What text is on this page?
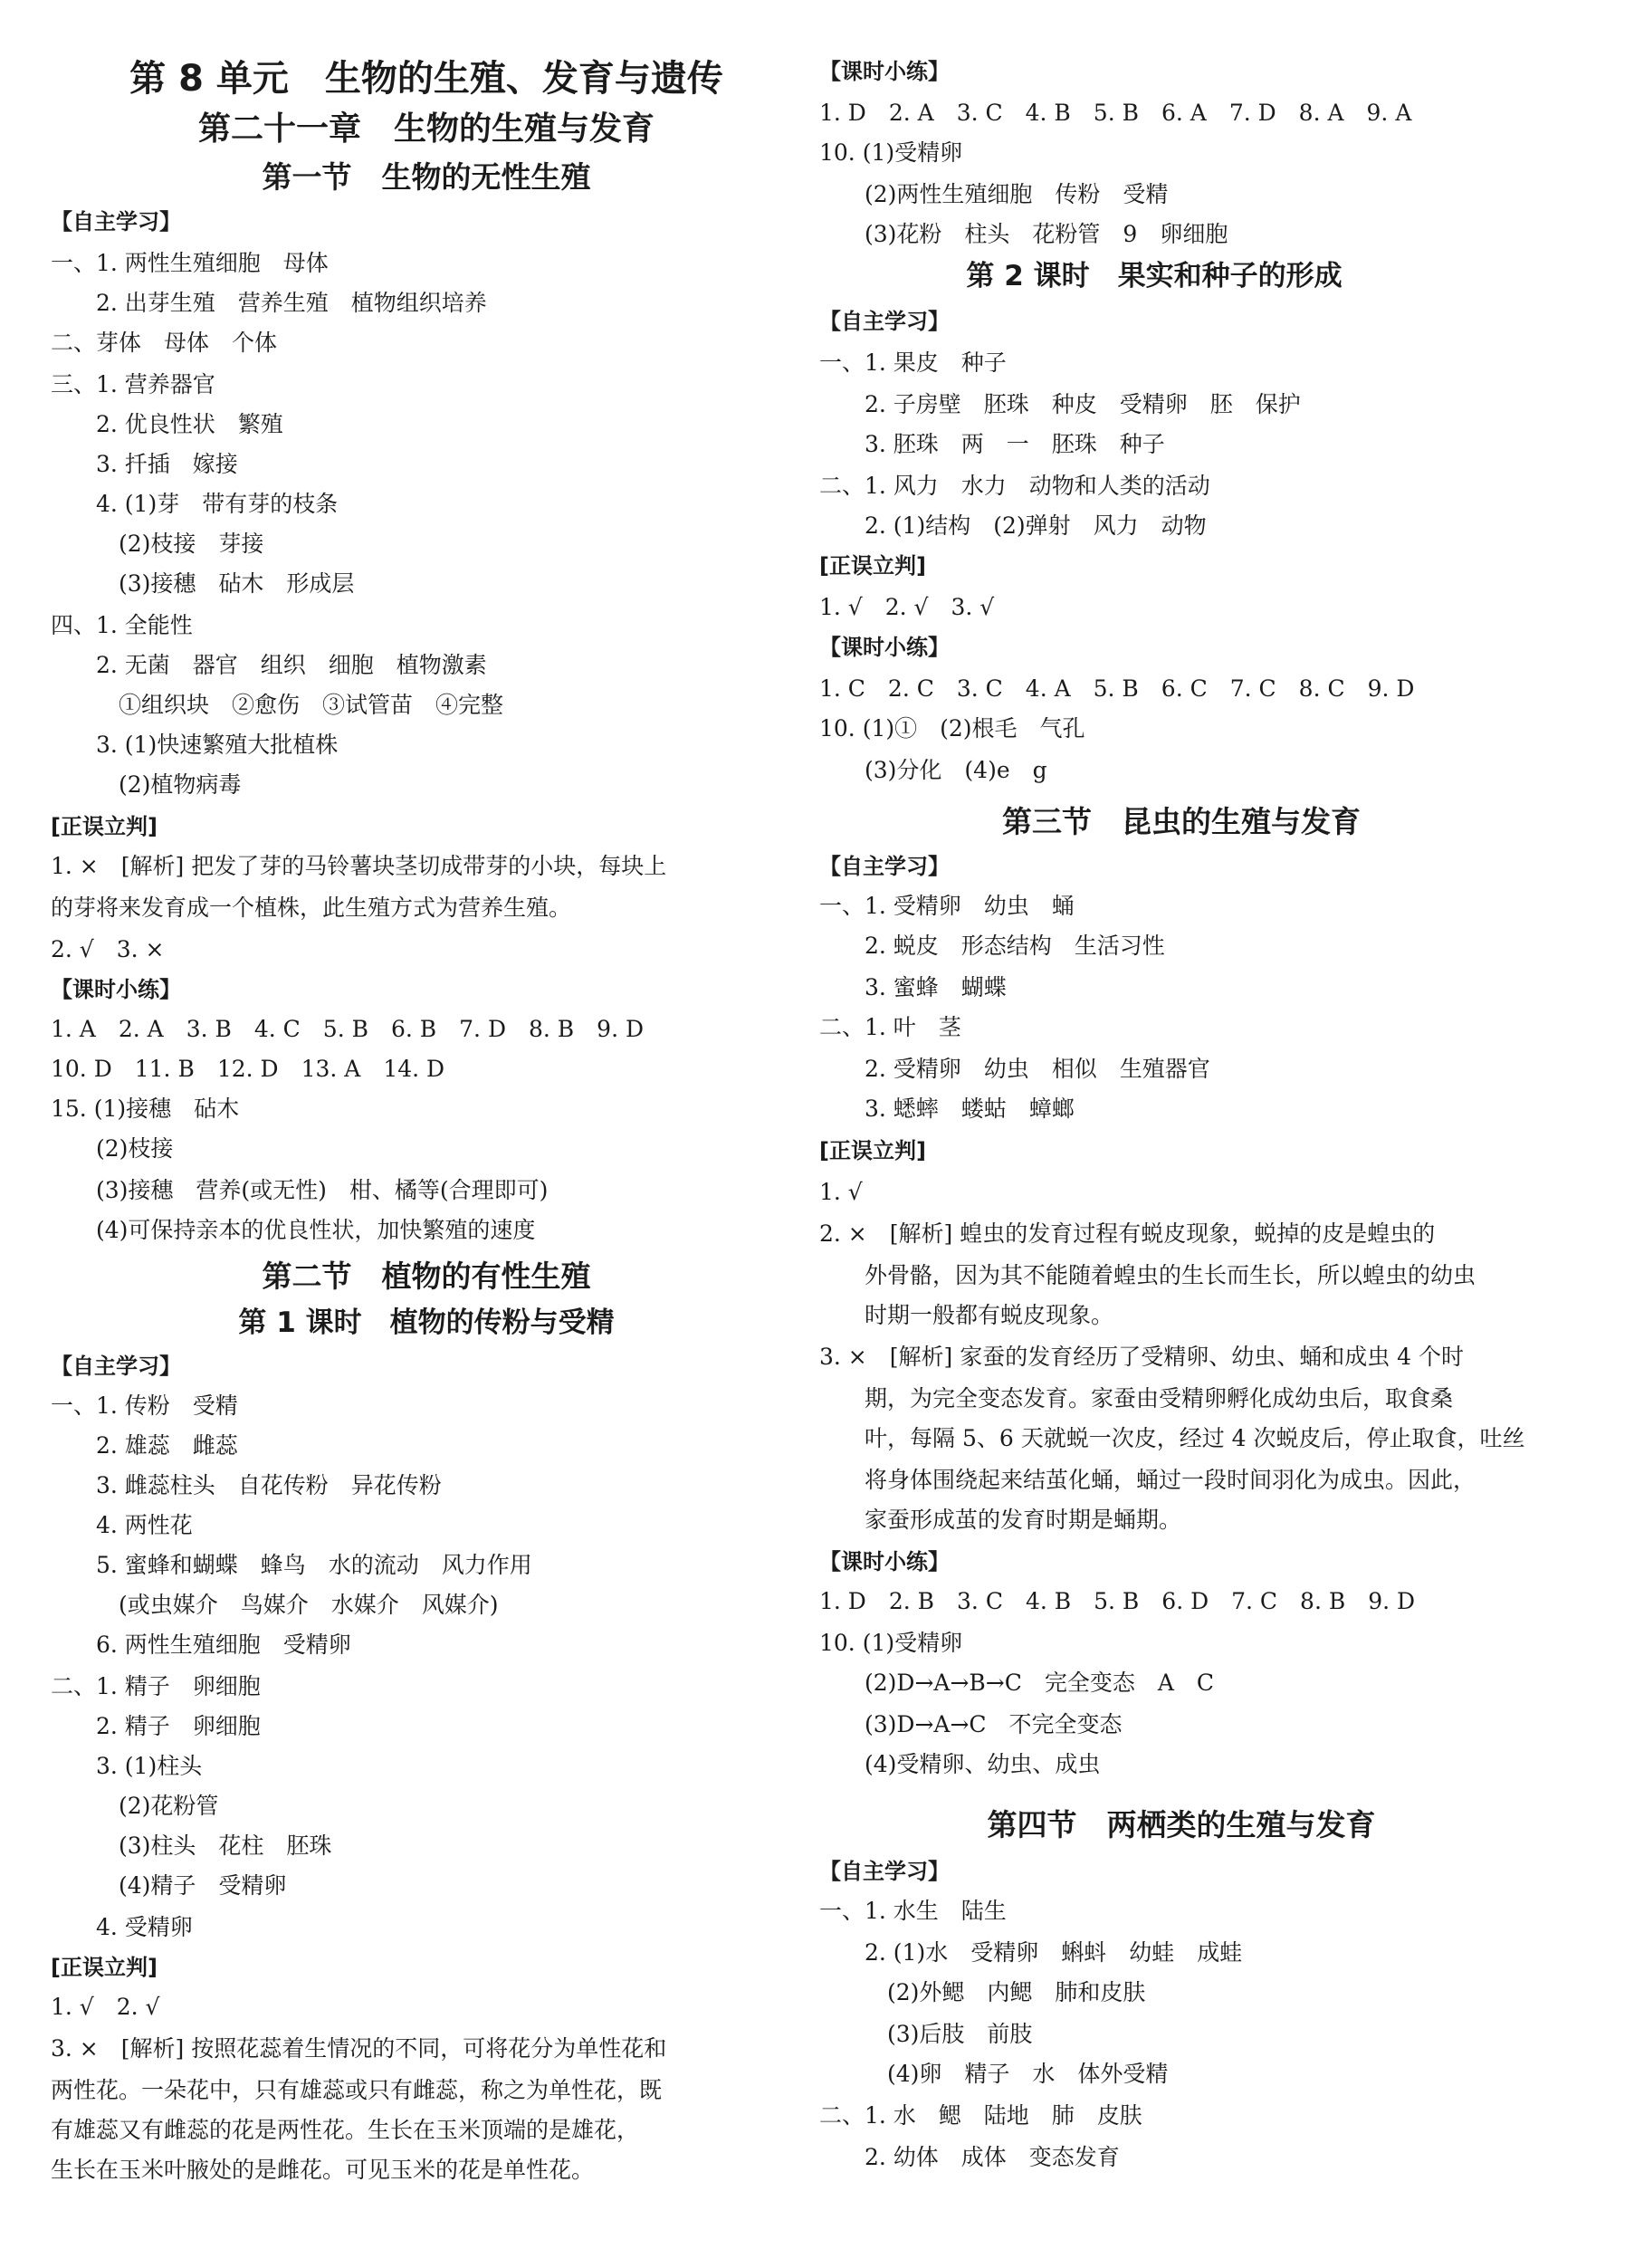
第 8 单元　生物的生殖、发育与遗传
第二十一章　生物的生殖与发育
第一节　生物的无性生殖
【自主学习】
一、1. 两性生殖细胞　母体
　　2. 出芽生殖　营养生殖　植物组织培养
二、芽体　母体　个体
三、1. 营养器官
　　2. 优良性状　繁殖
　　3. 扦插　嫁接
　　4. (1)芽　带有芽的枝条
　　　(2)枝接　芽接
　　　(3)接穗　砧木　形成层
四、1. 全能性
　　2. 无菌　器官　组织　细胞　植物激素
　　　①组织块　②愈伤　③试管苗　④完整
　　3. (1)快速繁殖大批植株
　　　(2)植物病毒
[正误立判]
1. ×　[解析] 把发了芽的马铃薯块茎切成带芽的小块，每块上
的芽将来发育成一个植株，此生殖方式为营养生殖。
2. √　3. ×
【课时小练】
1. A　2. A　3. B　4. C　5. B　6. B　7. D　8. B　9. D
10. D　11. B　12. D　13. A　14. D
15. (1)接穗　砧木
　　(2)枝接
　　(3)接穗　营养(或无性)　柑、橘等(合理即可)
　　(4)可保持亲本的优良性状，加快繁殖的速度
第二节　植物的有性生殖
第 1 课时　植物的传粉与受精
【自主学习】
一、1. 传粉　受精
　　2. 雄蕊　雌蕊
　　3. 雌蕊柱头　自花传粉　异花传粉
　　4. 两性花
　　5. 蜜蜂和蝴蝶　蜂鸟　水的流动　风力作用
　　　(或虫媒介　鸟媒介　水媒介　风媒介)
　　6. 两性生殖细胞　受精卵
二、1. 精子　卵细胞
　　2. 精子　卵细胞
　　3. (1)柱头
　　　(2)花粉管
　　　(3)柱头　花柱　胚珠
　　　(4)精子　受精卵
　　4. 受精卵
[正误立判]
1. √　2. √
3. ×　[解析] 按照花蕊着生情况的不同，可将花分为单性花和
两性花。一朵花中，只有雄蕊或只有雌蕊，称之为单性花，既
有雄蕊又有雌蕊的花是两性花。生长在玉米顶端的是雄花，
生长在玉米叶腋处的是雌花。可见玉米的花是单性花。
【课时小练】
1. D　2. A　3. C　4. B　5. B　6. A　7. D　8. A　9. A
10. (1)受精卵
　　(2)两性生殖细胞　传粉　受精
　　(3)花粉　柱头　花粉管　9　卵细胞
第 2 课时　果实和种子的形成
【自主学习】
一、1. 果皮　种子
　　2. 子房壁　胚珠　种皮　受精卵　胚　保护
　　3. 胚珠　两　一　胚珠　种子
二、1. 风力　水力　动物和人类的活动
　　2. (1)结构　(2)弹射　风力　动物
[正误立判]
1. √　2. √　3. √
【课时小练】
1. C　2. C　3. C　4. A　5. B　6. C　7. C　8. C　9. D
10. (1)①　(2)根毛　气孔
　　(3)分化　(4)e　g
第三节　昆虫的生殖与发育
【自主学习】
一、1. 受精卵　幼虫　蛹
　　2. 蜕皮　形态结构　生活习性
　　3. 蜜蜂　蝴蝶
二、1. 叶　茎
　　2. 受精卵　幼虫　相似　生殖器官
　　3. 蟋蟀　蝼蛄　蟑螂
[正误立判]
1. √
2. ×　[解析] 蝗虫的发育过程有蜕皮现象，蜕掉的皮是蝗虫的
　　外骨骼，因为其不能随着蝗虫的生长而生长，所以蝗虫的幼虫
　　时期一般都有蜕皮现象。
3. ×　[解析] 家蚕的发育经历了受精卵、幼虫、蛹和成虫 4 个时
　　期，为完全变态发育。家蚕由受精卵孵化成幼虫后，取食桑
　　叶，每隔 5、6 天就蜕一次皮，经过 4 次蜕皮后，停止取食，吐丝
　　将身体围绕起来结茧化蛹，蛹过一段时间羽化为成虫。因此，
　　家蚕形成茧的发育时期是蛹期。
【课时小练】
1. D　2. B　3. C　4. B　5. B　6. D　7. C　8. B　9. D
10. (1)受精卵
　　(2)D→A→B→C　完全变态　A　C
　　(3)D→A→C　不完全变态
　　(4)受精卵、幼虫、成虫
第四节　两栖类的生殖与发育
【自主学习】
一、1. 水生　陆生
　　2. (1)水　受精卵　蝌蚪　幼蛙　成蛙
　　　(2)外鳃　内鳃　肺和皮肤
　　　(3)后肢　前肢
　　　(4)卵　精子　水　体外受精
二、1. 水　鳃　陆地　肺　皮肤
　　2. 幼体　成体　变态发育
